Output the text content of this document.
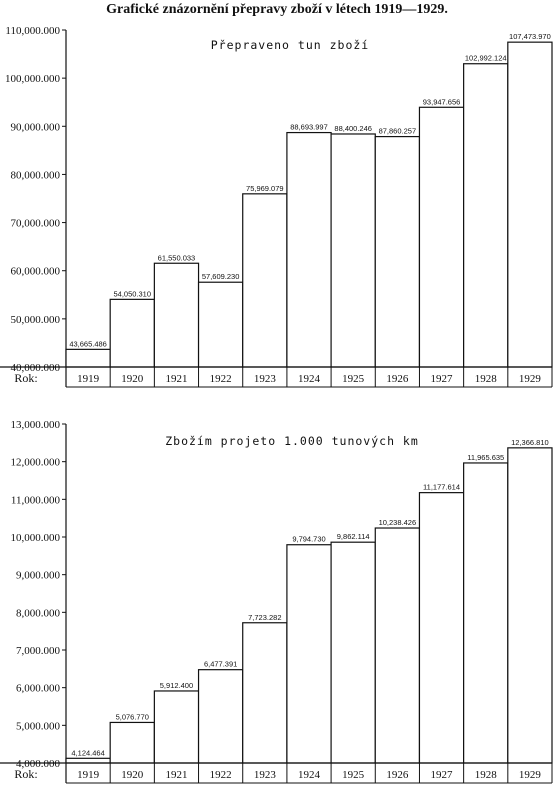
Grafické znázornění přepravy zboží v létech 1919—1929.
40,000.000
50,000.000
60,000.000
70,000.000
80,000.000
90,000.000
100,000.000
110,000.000
43,665.486
54,050.310
61,550.033
57,609.230
75,969.079
88,693.997 88,400.246 87,860.257
93,947.656
102,992.124
107,473.970
1919 1920 1921 1922 1923 1924 1925 1926 1927 1928 1929
Rok:
Přepraveno tun zboží
4,000.000
5,000.000
6,000.000
7,000.000
8,000.000
9,000.000
10,000.000
11,000.000
12,000.000
13,000.000
4,124.464
5,076.770
5,912.400
6,477.391
7,723.282
9,794.730 9,862.114
10,238.426
11,177.614
11,965.635
12,366.810
1919 1920 1921 1922 1923 1924 1925 1926 1927 1928 1929
Rok:
Zbožím projeto 1.000 tunových km
